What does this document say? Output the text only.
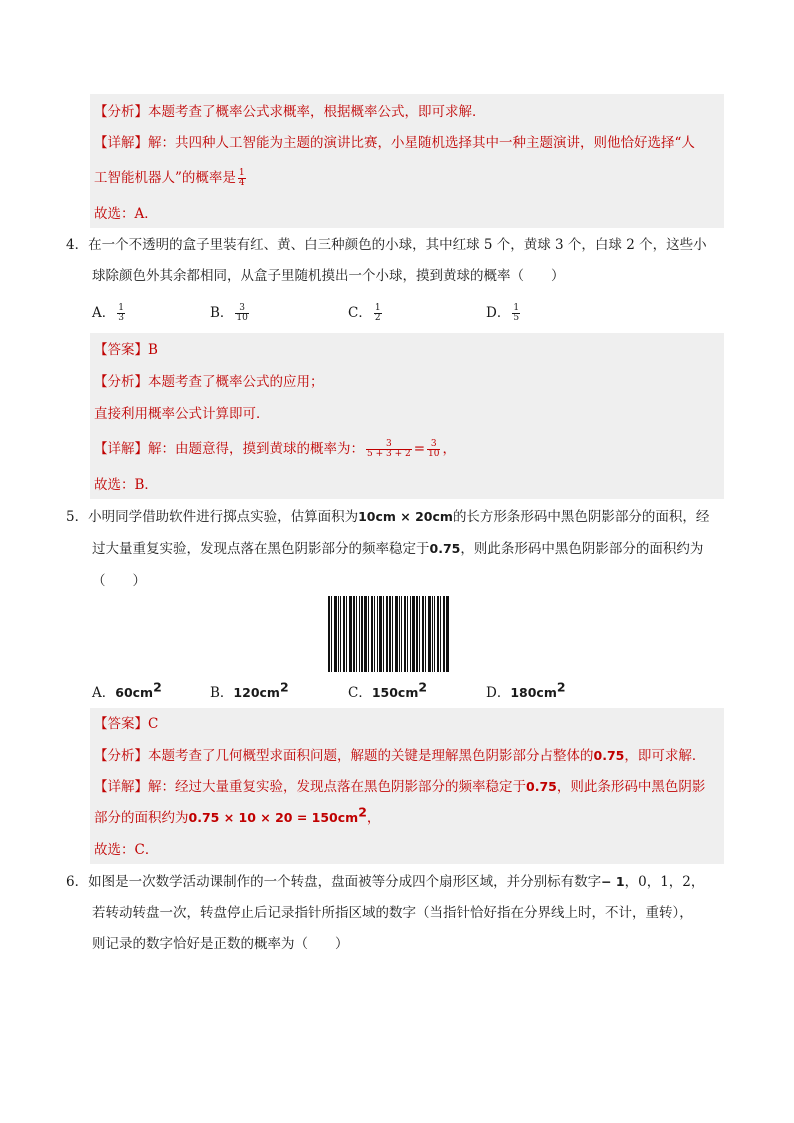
【分析】本题考查了概率公式求概率，根据概率公式，即可求解．
【详解】解：共四种人工智能为主题的演讲比赛，小星随机选择其中一种主题演讲，则他恰好选择“人
工智能机器人”的概率是 $\frac{1}{4}$
故选：A．
4．在一个不透明的盒子里装有红、黄、白三种颜色的小球，其中红球 5 个，黄球 3 个，白球 2 个，这些小
球除颜色外其余都相同，从盒子里随机摸出一个小球，摸到黄球的概率（　　）
A． $\frac{1}{3}$	B． $\frac{3}{10}$	C． $\frac{1}{2}$	D． $\frac{1}{5}$
【答案】B
【分析】本题考查了概率公式的应用；
直接利用概率公式计算即可．
【详解】解：由题意得，摸到黄球的概率为： $\frac{3}{5 + 3 + 2} = \frac{3}{10}$ ，
故选：B．
5．小明同学借助软件进行掷点实验，估算面积为10cm × 20cm的长方形条形码中黑色阴影部分的面积，经
过大量重复实验，发现点落在黑色阴影部分的频率稳定于0.75，则此条形码中黑色阴影部分的面积约为
（　　）
A．$60cm^2$	B．$120cm^2$	C．$150cm^2$	D．$180cm^2$
【答案】C
【分析】本题考查了几何概型求面积问题，解题的关键是理解黑色阴影部分占整体的0.75，即可求解．
【详解】解：经过大量重复实验，发现点落在黑色阴影部分的频率稳定于0.75，则此条形码中黑色阴影
部分的面积约为$0.75 \times 10 \times 20 = 150cm^2$，
故选：C．
6．如图是一次数学活动课制作的一个转盘，盘面被等分成四个扇形区域，并分别标有数字− 1，0，1，2，
若转动转盘一次，转盘停止后记录指针所指区域的数字（当指针恰好指在分界线上时，不计，重转），
则记录的数字恰好是正数的概率为（　　）
